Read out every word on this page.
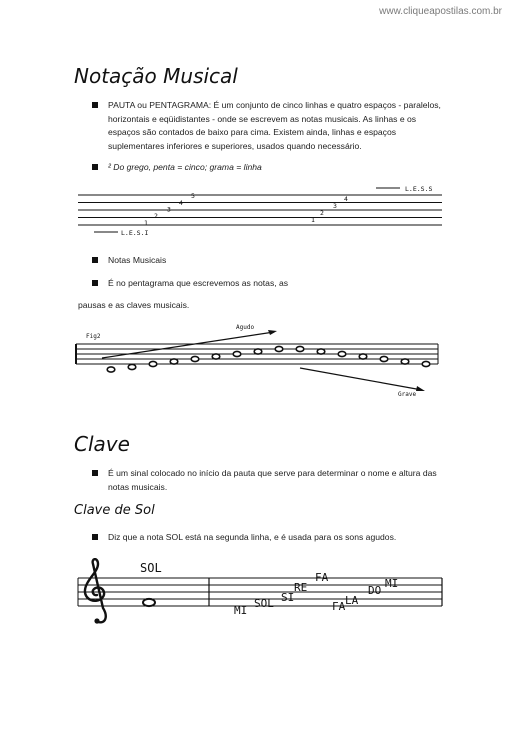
www.cliqueapostilas.com.br
Notação Musical
PAUTA ou PENTAGRAMA: É um conjunto de cinco linhas e quatro espaços - paralelos,
horizontais e eqüidistantes - onde se escrevem as notas musicais. As linhas e os
espaços são contados de baixo para cima. Existem ainda, linhas e espaços
suplementares inferiores e superiores, usados quando necessário.
² Do grego, penta = cinco; grama = linha
L.E.S.S
L.E.S.I
1
2
3
4
5
1
2
3
4
Notas Musicais
É no pentagrama que escrevemos as notas, as
pausas e as claves musicais.
Fig2
Agudo
Grave
Clave
É um sinal colocado no início da pauta que serve para determinar o nome e altura das
notas musicais.
Clave de Sol
Diz que a nota SOL está na segunda linha, e é usada para os sons agudos.
SOL
MI
SOL SI
RE
FA
LA
DO
MI
FA
